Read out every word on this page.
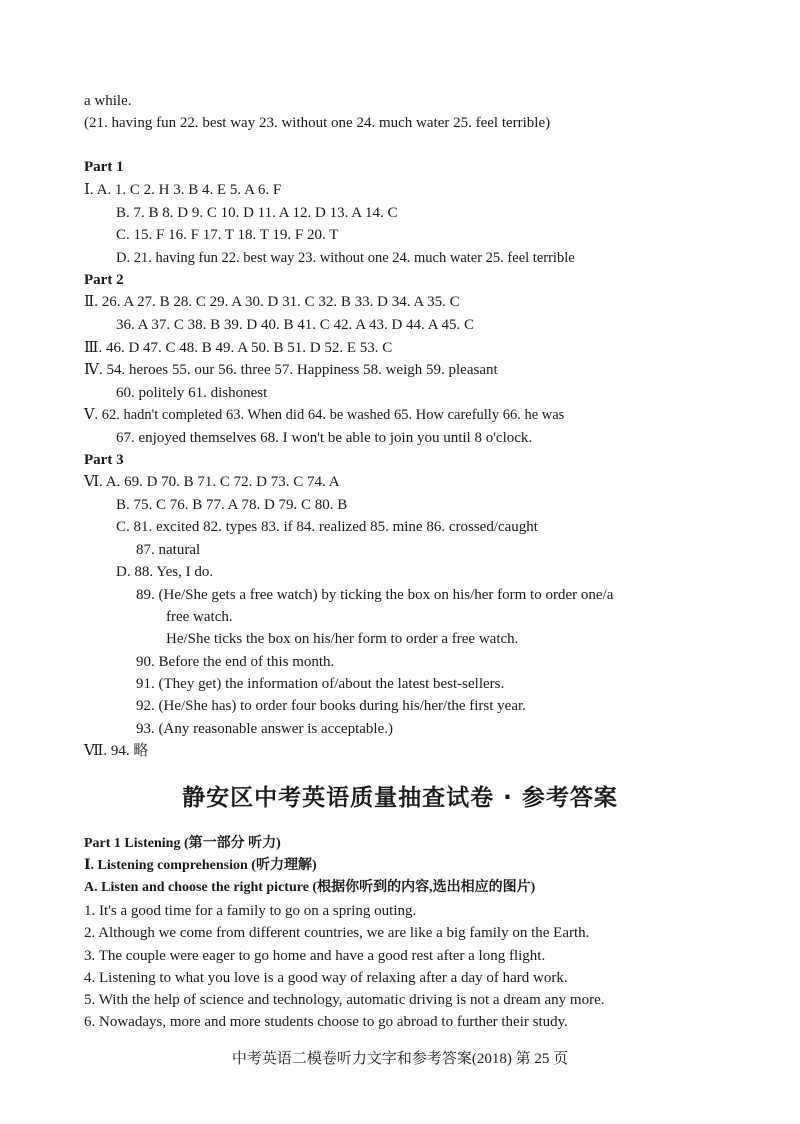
a while.
(21. having fun 22. best way 23. without one 24. much water 25. feel terrible)
Part 1
Ⅰ. A. 1. C 2. H 3. B 4. E 5. A 6. F
B. 7. B 8. D 9. C 10. D 11. A 12. D 13. A 14. C
C. 15. F 16. F 17. T 18. T 19. F 20. T
D. 21. having fun 22. best way 23. without one 24. much water 25. feel terrible
Part 2
Ⅱ. 26. A 27. B 28. C 29. A 30. D 31. C 32. B 33. D 34. A 35. C
36. A 37. C 38. B 39. D 40. B 41. C 42. A 43. D 44. A 45. C
Ⅲ. 46. D 47. C 48. B 49. A 50. B 51. D 52. E 53. C
Ⅳ. 54. heroes 55. our 56. three 57. Happiness 58. weigh 59. pleasant
60. politely 61. dishonest
Ⅴ. 62. hadn't completed 63. When did 64. be washed 65. How carefully 66. he was
67. enjoyed themselves 68. I won't be able to join you until 8 o'clock.
Part 3
Ⅵ. A. 69. D 70. B 71. C 72. D 73. C 74. A
B. 75. C 76. B 77. A 78. D 79. C 80. B
C. 81. excited 82. types 83. if 84. realized 85. mine 86. crossed/caught
87. natural
D. 88. Yes, I do.
89. (He/She gets a free watch) by ticking the box on his/her form to order one/a
free watch.
He/She ticks the box on his/her form to order a free watch.
90. Before the end of this month.
91. (They get) the information of/about the latest best-sellers.
92. (He/She has) to order four books during his/her/the first year.
93. (Any reasonable answer is acceptable.)
Ⅶ. 94. 略
静安区中考英语质量抽查试卷 · 参考答案
Part 1 Listening (第一部分 听力)
Ⅰ. Listening comprehension (听力理解)
A. Listen and choose the right picture (根据你听到的内容,选出相应的图片)
1. It's a good time for a family to go on a spring outing.
2. Although we come from different countries, we are like a big family on the Earth.
3. The couple were eager to go home and have a good rest after a long flight.
4. Listening to what you love is a good way of relaxing after a day of hard work.
5. With the help of science and technology, automatic driving is not a dream any more.
6. Nowadays, more and more students choose to go abroad to further their study.
中考英语二模卷听力文字和参考答案(2018) 第 25 页
